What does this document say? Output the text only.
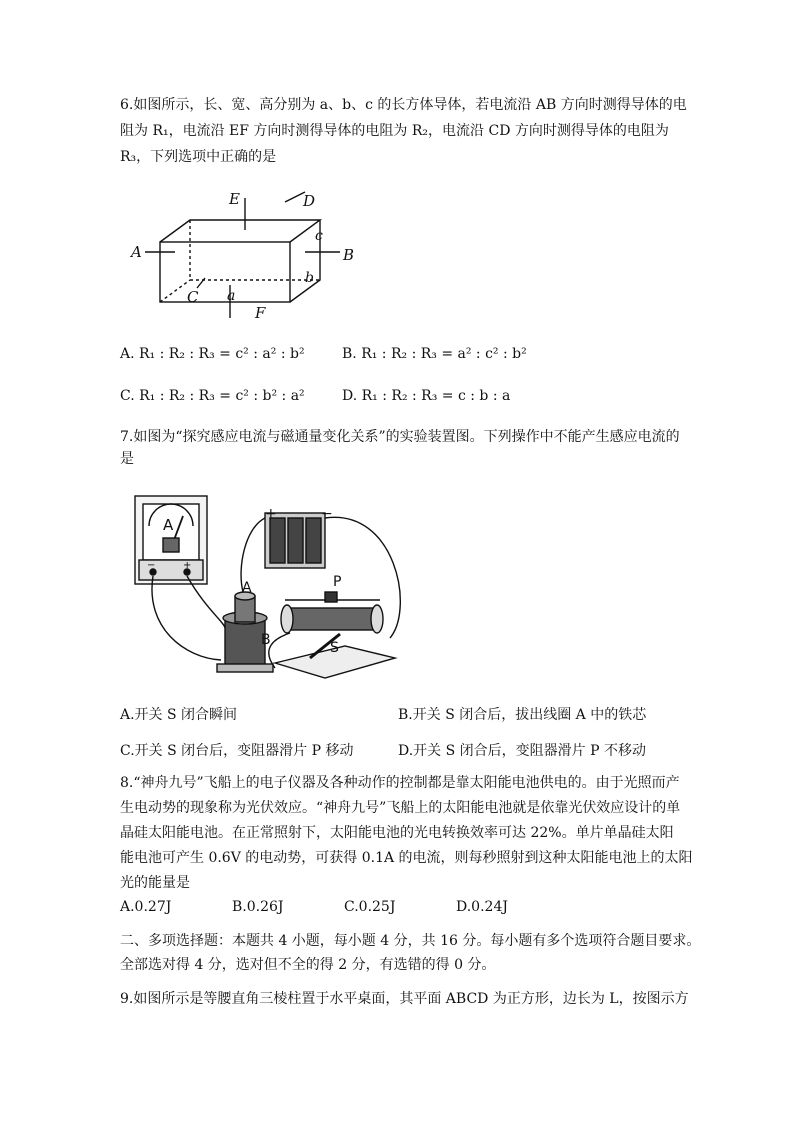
6.如图所示，长、宽、高分别为 a、b、c 的长方体导体，若电流沿 AB 方向时测得导体的电
阻为 R₁，电流沿 EF 方向时测得导体的电阻为 R₂，电流沿 CD 方向时测得导体的电阻为
R₃，下列选项中正确的是
E	D
A	B
C
F
a
b
c
A. R₁ : R₂ : R₃ = c² : a² : b²	B. R₁ : R₂ : R₃ = a² : c² : b²
C. R₁ : R₂ : R₃ = c² : b² : a²	D. R₁ : R₂ : R₃ = c : b : a
7.如图为“探究感应电流与磁通量变化关系”的实验装置图。下列操作中不能产生感应电流的
是
A
−	+
+	−
A
B
P
S
A.开关 S 闭合瞬间	B.开关 S 闭合后，拔出线圈 A 中的铁芯
C.开关 S 闭台后，变阻器滑片 P 移动	D.开关 S 闭合后，变阻器滑片 P 不移动
8.“神舟九号”飞船上的电子仪器及各种动作的控制都是靠太阳能电池供电的。由于光照而产
生电动势的现象称为光伏效应。“神舟九号”飞船上的太阳能电池就是依靠光伏效应设计的单
晶硅太阳能电池。在正常照射下，太阳能电池的光电转换效率可达 22%。单片单晶硅太阳
能电池可产生 0.6V 的电动势，可获得 0.1A 的电流，则每秒照射到这种太阳能电池上的太阳
光的能量是
A.0.27J	B.0.26J	C.0.25J	D.0.24J
二、多项选择题：本题共 4 小题，每小题 4 分，共 16 分。每小题有多个选项符合题目要求。
全部选对得 4 分，选对但不全的得 2 分，有选错的得 0 分。
9.如图所示是等腰直角三棱柱置于水平桌面，其平面 ABCD 为正方形，边长为 L，按图示方
